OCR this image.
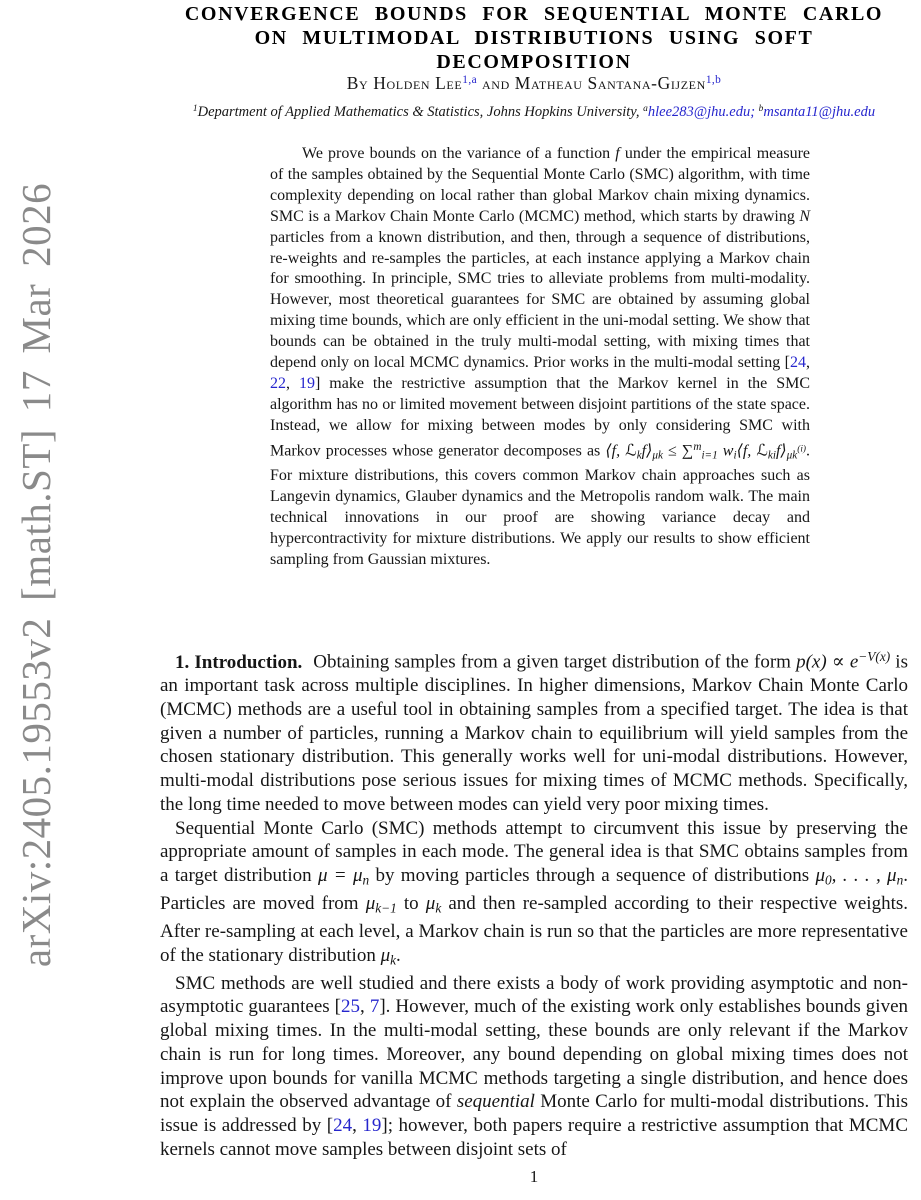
arXiv:2405.19553v2 [math.ST] 17 Mar 2026
CONVERGENCE BOUNDS FOR SEQUENTIAL MONTE CARLO
ON MULTIMODAL DISTRIBUTIONS USING SOFT DECOMPOSITION
By Holden Lee$^{1,a}$ and Matheau Santana-Gijzen$^{1,b}$
$^1$Department of Applied Mathematics & Statistics, Johns Hopkins University, $^a$hlee283@jhu.edu; $^b$msanta11@jhu.edu
We prove bounds on the variance of a function f under the empirical measure of the samples obtained by the Sequential Monte Carlo (SMC) algorithm, with time complexity depending on local rather than global Markov chain mixing dynamics. SMC is a Markov Chain Monte Carlo (MCMC) method, which starts by drawing N particles from a known distribution, and then, through a sequence of distributions, re-weights and re-samples the particles, at each instance applying a Markov chain for smoothing. In principle, SMC tries to alleviate problems from multi-modality. However, most theoretical guarantees for SMC are obtained by assuming global mixing time bounds, which are only efficient in the uni-modal setting. We show that bounds can be obtained in the truly multi-modal setting, with mixing times that depend only on local MCMC dynamics. Prior works in the multi-modal setting [24, 22, 19] make the restrictive assumption that the Markov kernel in the SMC algorithm has no or limited movement between disjoint partitions of the state space. Instead, we allow for mixing between modes by only considering SMC with Markov processes whose generator decomposes as ⟨f, ℒkf⟩μk ≤ ∑$^m$i=1 wi⟨f, $ℒkif⟩\mu k^{(i)}$. For mixture distributions, this covers common Markov chain approaches such as Langevin dynamics, Glauber dynamics and the Metropolis random walk. The main technical innovations in our proof are showing variance decay and hypercontractivity for mixture distributions. We apply our results to show efficient sampling from Gaussian mixtures.

1. Introduction. Obtaining samples from a given target distribution of the form $p(x) \propto e^{-V(x)}$ is an important task across multiple disciplines. In higher dimensions, Markov Chain Monte Carlo (MCMC) methods are a useful tool in obtaining samples from a specified target. The idea is that given a number of particles, running a Markov chain to equilibrium will yield samples from the chosen stationary distribution. This generally works well for uni-modal distributions. However, multi-modal distributions pose serious issues for mixing times of MCMC methods. Specifically, the long time needed to move between modes can yield very poor mixing times.

Sequential Monte Carlo (SMC) methods attempt to circumvent this issue by preserving the appropriate amount of samples in each mode. The general idea is that SMC obtains samples from a target distribution μ = μn by moving particles through a sequence of distributions μ0, . . . , μn. Particles are moved from μk−1 to μk and then re-sampled according to their respective weights. After re-sampling at each level, a Markov chain is run so that the particles are more representative of the stationary distribution μk.

SMC methods are well studied and there exists a body of work providing asymptotic and non-asymptotic guarantees [25, 7]. However, much of the existing work only establishes bounds given global mixing times. In the multi-modal setting, these bounds are only relevant if the Markov chain is run for long times. Moreover, any bound depending on global mixing times does not improve upon bounds for vanilla MCMC methods targeting a single distribution, and hence does not explain the observed advantage of sequential Monte Carlo for multi-modal distributions. This issue is addressed by [24, 19]; however, both papers require a restrictive assumption that MCMC kernels cannot move samples between disjoint sets of

1
